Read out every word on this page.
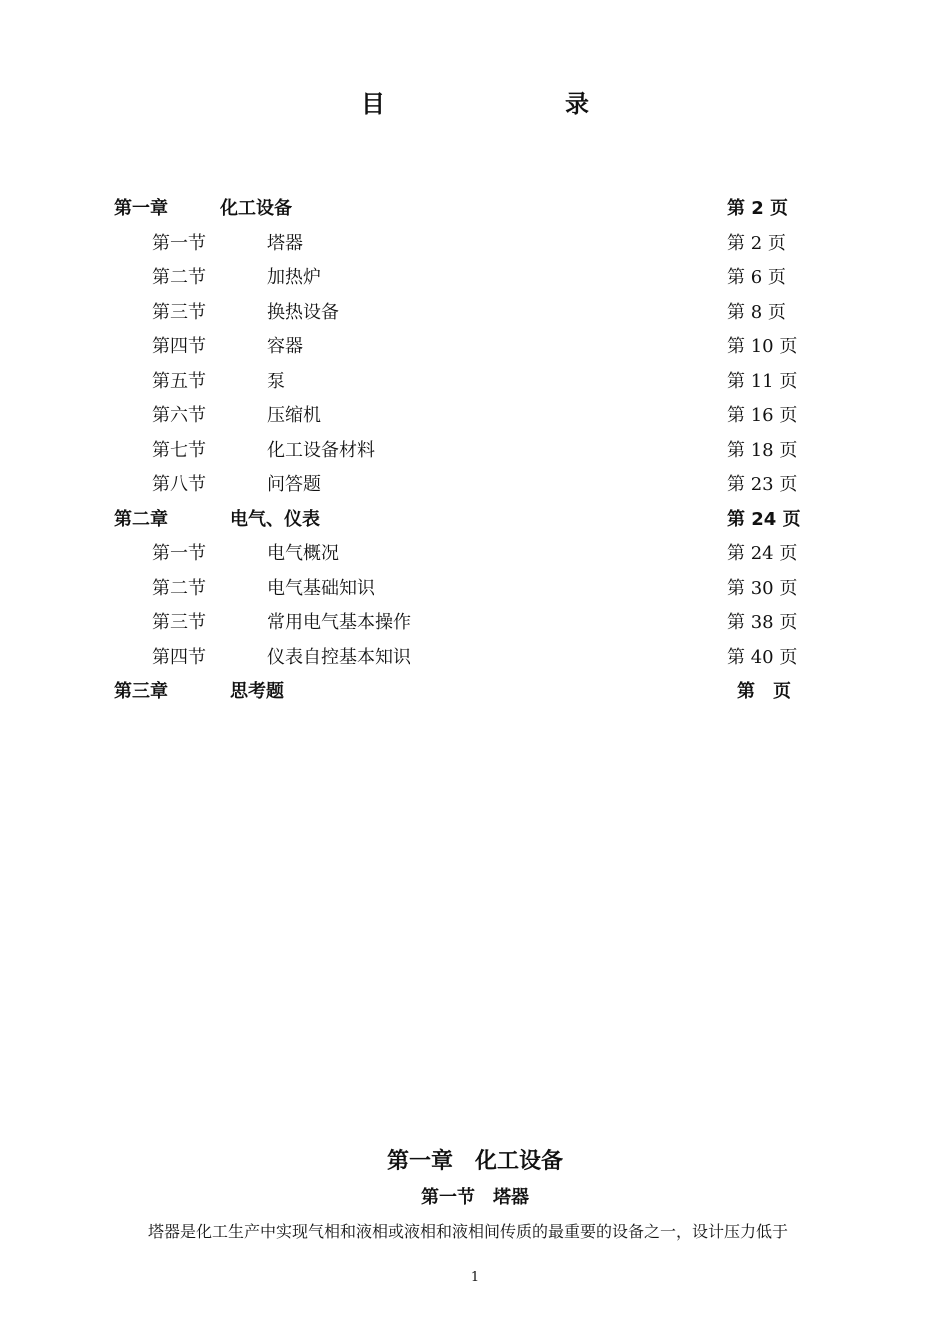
目　　录
第一章	化工设备	第 2 页
第一节	塔器	第 2 页
第二节	加热炉	第 6 页
第三节	换热设备	第 8 页
第四节	容器	第 10 页
第五节	泵	第 11 页
第六节	压缩机	第 16 页
第七节	化工设备材料	第 18 页
第八节	问答题	第 23 页
第二章	电气、仪表	第 24 页
第一节	电气概况	第 24 页
第二节	电气基础知识	第 30 页
第三节	常用电气基本操作	第 38 页
第四节	仪表自控基本知识	第 40 页
第三章	思考题	第　页
第一章　化工设备
第一节　塔器
塔器是化工生产中实现气相和液相或液相和液相间传质的最重要的设备之一，设计压力低于
1
